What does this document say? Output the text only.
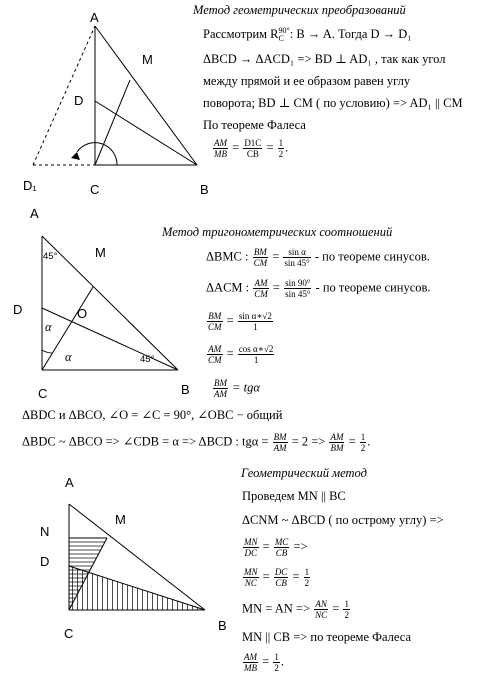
A
M
D
D₁	C	B
Метод геометрических преобразований
Рассмотрим R 90°
C : B → A. Тогда D → D₁
ΔBCD → ΔACD₁ => BD ⊥ AD₁ , так как угол
между прямой и ее образом равен углу
поворота; BD ⊥ CM ( по условию) => AD₁ || CM
По теореме Фалеса
$\frac{AM}{MB} = \frac{D1C}{CB} = \frac{1}{2}$ .
A
45°	M
D	O
α
α	45°
C	B
Метод тригонометрических соотношений
ΔBMC : $\frac{BM}{CM} = \frac{\text{sin α}}{\sin 45^\circ}$ - по теореме синусов.
ΔACM : $\frac{AM}{CM} = \frac{\sin 90^\circ}{\sin 45^\circ}$ - по теореме синусов.
$\frac{BM}{CM} = \frac{\text{sin α∗√2}}{1}$
$\frac{AM}{CM} = \frac{\text{cos α∗√2}}{1}$
$\frac{BM}{AM} = tg\alpha$
ΔBDC и ΔBCO, ∠O = ∠C = 90°, ∠OBC − общий
ΔBDC ~ ΔBCO => ∠CDB = α => ΔBCD : $tg\alpha = \frac{BM}{AM} = 2 => \frac{AM}{BM} = \frac{1}{2}$ .
A
N
M
D
C
B
Геометрический метод
Проведем MN || BC
ΔCNM ~ ΔBCD ( по острому углу) =>
$\frac{MN}{DC} = \frac{MC}{CB}$ =>
$\frac{MN}{NC} = \frac{DC}{CB} = \frac{1}{2}$
MN = AN => $\frac{AN}{NC} = \frac{1}{2}$
MN || CB => по теореме Фалеса
$\frac{AM}{MB} = \frac{1}{2}$ .
